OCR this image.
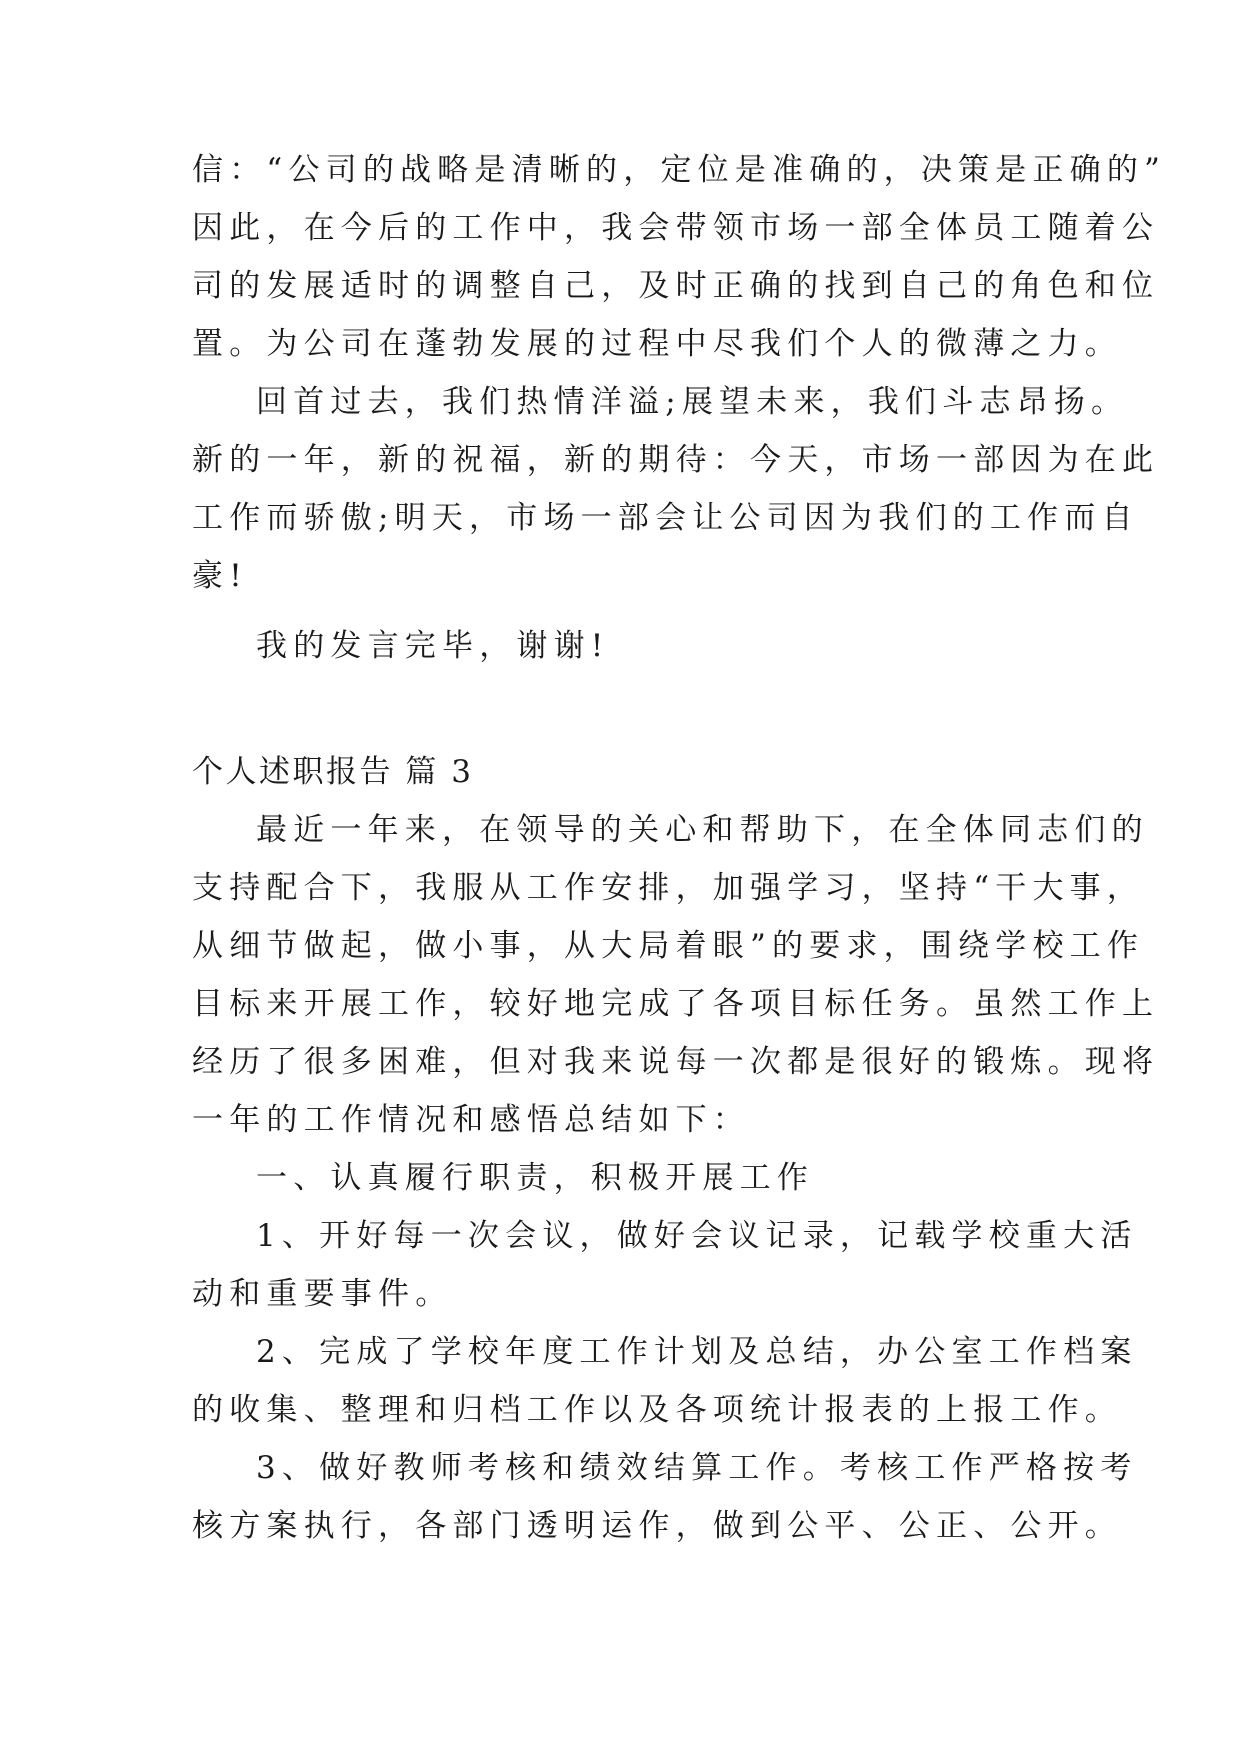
信：“公司的战略是清晰的，定位是准确的，决策是正确的”

因此，在今后的工作中，我会带领市场一部全体员工随着公

司的发展适时的调整自己，及时正确的找到自己的角色和位

置。为公司在蓬勃发展的过程中尽我们个人的微薄之力。

回首过去，我们热情洋溢;展望未来，我们斗志昂扬。

新的一年，新的祝福，新的期待：今天，市场一部因为在此

工作而骄傲;明天，市场一部会让公司因为我们的工作而自

豪!

我的发言完毕，谢谢!

个人述职报告 篇 3

最近一年来，在领导的关心和帮助下，在全体同志们的

支持配合下，我服从工作安排，加强学习，坚持“干大事，

从细节做起，做小事，从大局着眼”的要求，围绕学校工作

目标来开展工作，较好地完成了各项目标任务。虽然工作上

经历了很多困难，但对我来说每一次都是很好的锻炼。现将

一年的工作情况和感悟总结如下：

一、认真履行职责，积极开展工作

1、开好每一次会议，做好会议记录，记载学校重大活

动和重要事件。

2、完成了学校年度工作计划及总结，办公室工作档案

的收集、整理和归档工作以及各项统计报表的上报工作。

3、做好教师考核和绩效结算工作。考核工作严格按考

核方案执行，各部门透明运作，做到公平、公正、公开。
